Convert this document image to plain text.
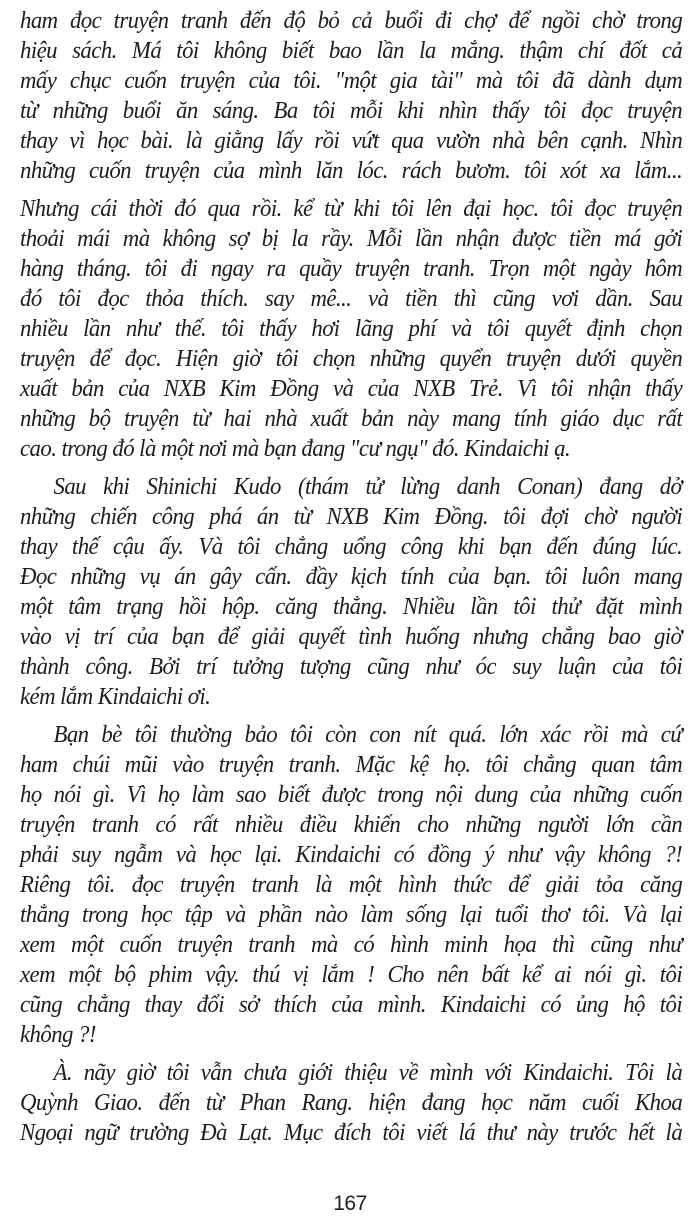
ham đọc truyện tranh đến độ bỏ cả buổi đi chợ để ngồi chờ trong
hiệu sách. Má tôi không biết bao lần la mắng. thậm chí đốt cả
mấy chục cuốn truyện của tôi. "một gia tài" mà tôi đã dành dụm
từ những buổi ăn sáng. Ba tôi mỗi khi nhìn thấy tôi đọc truyện
thay vì học bài. là giằng lấy rồi vứt qua vườn nhà bên cạnh. Nhìn
những cuốn truyện của mình lăn lóc. rách bươm. tôi xót xa lắm...
Nhưng cái thời đó qua rồi. kể từ khi tôi lên đại học. tôi đọc truyện
thoải mái mà không sợ bị la rầy. Mỗi lần nhận được tiền má gởi
hàng tháng. tôi đi ngay ra quầy truyện tranh. Trọn một ngày hôm
đó tôi đọc thỏa thích. say mê... và tiền thì cũng vơi dần. Sau
nhiều lần như thế. tôi thấy hơi lãng phí và tôi quyết định chọn
truyện để đọc. Hiện giờ tôi chọn những quyển truyện dưới quyền
xuất bản của NXB Kim Đồng và của NXB Trẻ. Vì tôi nhận thấy
những bộ truyện từ hai nhà xuất bản này mang tính giáo dục rất
cao. trong đó là một nơi mà bạn đang "cư ngụ" đó. Kindaichi ạ.
Sau khi Shinichi Kudo (thám tử lừng danh Conan) đang dở
những chiến công phá án từ NXB Kim Đồng. tôi đợi chờ người
thay thế cậu ấy. Và tôi chẳng uổng công khi bạn đến đúng lúc.
Đọc những vụ án gây cấn. đầy kịch tính của bạn. tôi luôn mang
một tâm trạng hồi hộp. căng thẳng. Nhiều lần tôi thử đặt mình
vào vị trí của bạn để giải quyết tình huống nhưng chẳng bao giờ
thành công. Bởi trí tưởng tượng cũng như óc suy luận của tôi
kém lắm Kindaichi ơi.
Bạn bè tôi thường bảo tôi còn con nít quá. lớn xác rồi mà cứ
ham chúi mũi vào truyện tranh. Mặc kệ họ. tôi chẳng quan tâm
họ nói gì. Vì họ làm sao biết được trong nội dung của những cuốn
truyện tranh có rất nhiều điều khiến cho những người lớn cần
phải suy ngẫm và học lại. Kindaichi có đồng ý như vậy không ?!
Riêng tôi. đọc truyện tranh là một hình thức để giải tỏa căng
thẳng trong học tập và phần nào làm sống lại tuổi thơ tôi. Và lại
xem một cuốn truyện tranh mà có hình minh họa thì cũng như
xem một bộ phim vậy. thú vị lắm ! Cho nên bất kể ai nói gì. tôi
cũng chẳng thay đổi sở thích của mình. Kindaichi có ủng hộ tôi
không ?!
À. nãy giờ tôi vẫn chưa giới thiệu về mình với Kindaichi. Tôi là
Quỳnh Giao. đến từ Phan Rang. hiện đang học năm cuối Khoa
Ngoại ngữ trường Đà Lạt. Mục đích tôi viết lá thư này trước hết là
167
